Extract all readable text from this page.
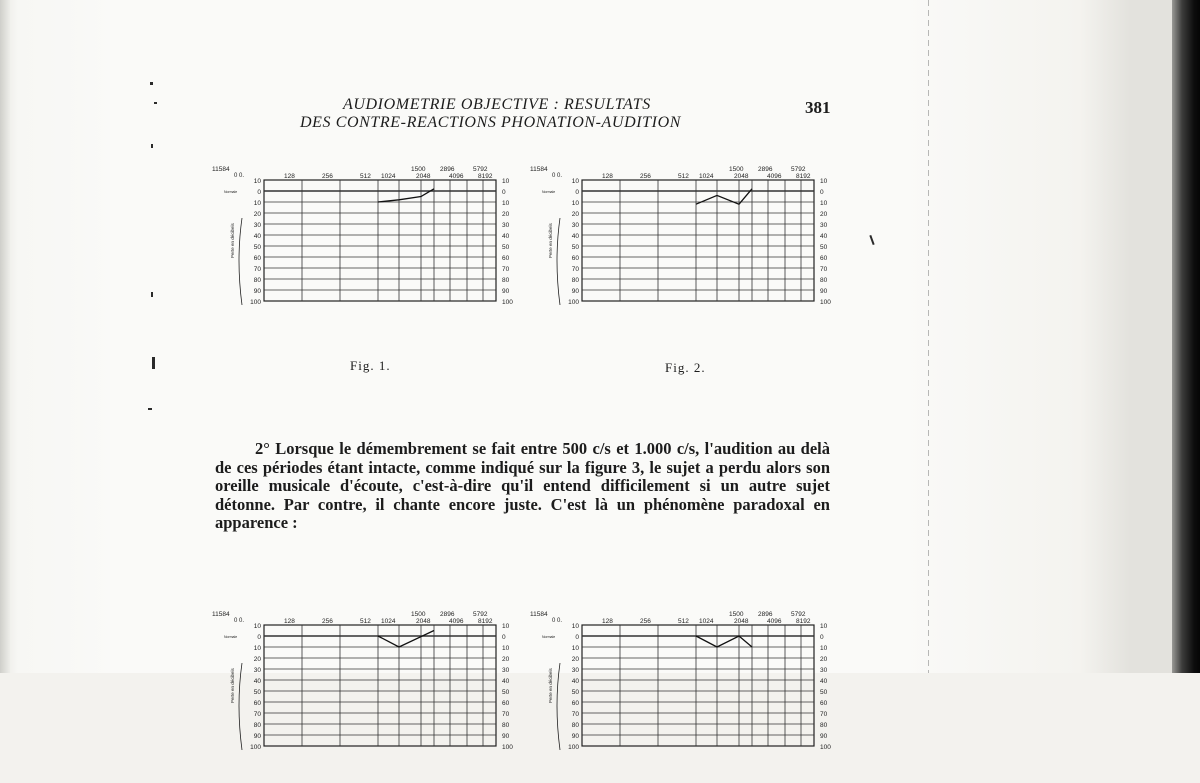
AUDIOMETRIE OBJECTIVE : RESULTATS
DES CONTRE-REACTIONS PHONATION-AUDITION
381
0 0.	128	256	512 1024	2048	4096 8192
1500 2896	5792
11584
10
0
10
20
30
40
50
60
70
80
90
100
10
0
10
20
30
40
50
60
70
80
90
100
Normale
Perte en décibels
0 0.	128	256	512 1024	2048	4096 8192
1500 2896	5792
11584
10
0
10
20
30
40
50
60
70
80
90
100
10
0
10
20
30
40
50
60
70
80
90
100
Normale
Perte en décibels
Fig. 1.	Fig. 2.

2° Lorsque le démembrement se fait entre 500 c/s et 1.000 c/s, l'audition au delà de ces périodes étant intacte, comme indiqué sur la figure 3, le sujet a perdu alors son oreille musicale d'écoute, c'est-à-dire qu'il entend difficilement si un autre sujet détonne. Par contre, il chante encore juste. C'est là un phénomène paradoxal en apparence :

0 0.	128	256	512 1024	2048	4096 8192
1500 2896	5792
11584
10
0
10
20
30
40
50
60
70
80
90
100
10
0
10
20
30
40
50
60
70
80
90
100
Normale
Perte en décibels
0 0.	128	256	512 1024	2048	4096 8192
1500 2896	5792
11584
10
0
10
20
30
40
50
60
70
80
90
100
10
0
10
20
30
40
50
60
70
80
90
100
Normale
Perte en décibels
